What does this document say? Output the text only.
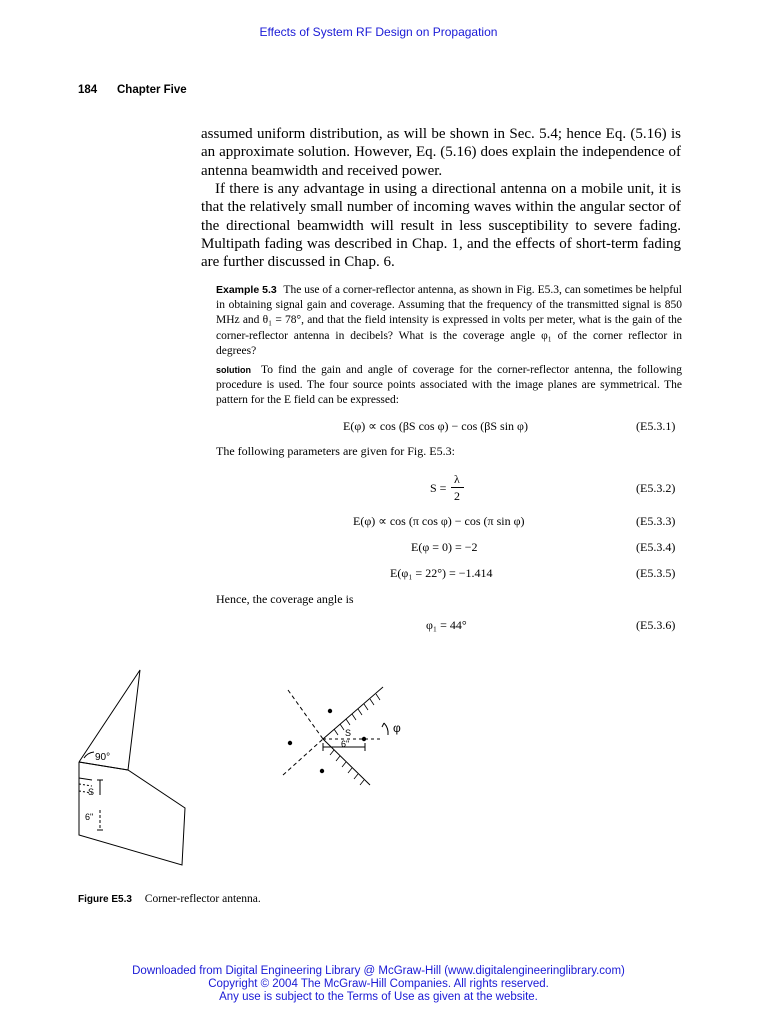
Effects of System RF Design on Propagation
184 Chapter Five
assumed uniform distribution, as will be shown in Sec. 5.4; hence Eq. (5.16) is an approximate solution. However, Eq. (5.16) does explain the independence of antenna beamwidth and received power.
If there is any advantage in using a directional antenna on a mobile unit, it is that the relatively small number of incoming waves within the angular sector of the directional beamwidth will result in less susceptibility to severe fading. Multipath fading was described in Chap. 1, and the effects of short-term fading are further discussed in Chap. 6.
Example 5.3 The use of a corner-reflector antenna, as shown in Fig. E5.3, can sometimes be helpful in obtaining signal gain and coverage. Assuming that the frequency of the transmitted signal is 850 MHz and θ₁ = 78°, and that the field intensity is expressed in volts per meter, what is the gain of the corner-reflector antenna in decibels? What is the coverage angle φ₁ of the corner reflector in degrees?
solution To find the gain and angle of coverage for the corner-reflector antenna, the following procedure is used. The four source points associated with the image planes are symmetrical. The pattern for the E field can be expressed:
E(φ) ∝ cos (βS cos φ) − cos (βS sin φ)	(E5.3.1)
The following parameters are given for Fig. E5.3:
S =
λ
2
(E5.3.2)
E(φ) ∝ cos (π cos φ) − cos (π sin φ)	(E5.3.3)
E(φ = 0) = −2	(E5.3.4)
E(φ₁ = 22°) = −1.414	(E5.3.5)
Hence, the coverage angle is
φ₁ = 44°	(E5.3.6)
90°
S
6"
S
6"
φ
Figure E5.3 Corner-reflector antenna.
Downloaded from Digital Engineering Library @ McGraw-Hill (www.digitalengineeringlibrary.com)
Copyright © 2004 The McGraw-Hill Companies. All rights reserved.
Any use is subject to the Terms of Use as given at the website.
